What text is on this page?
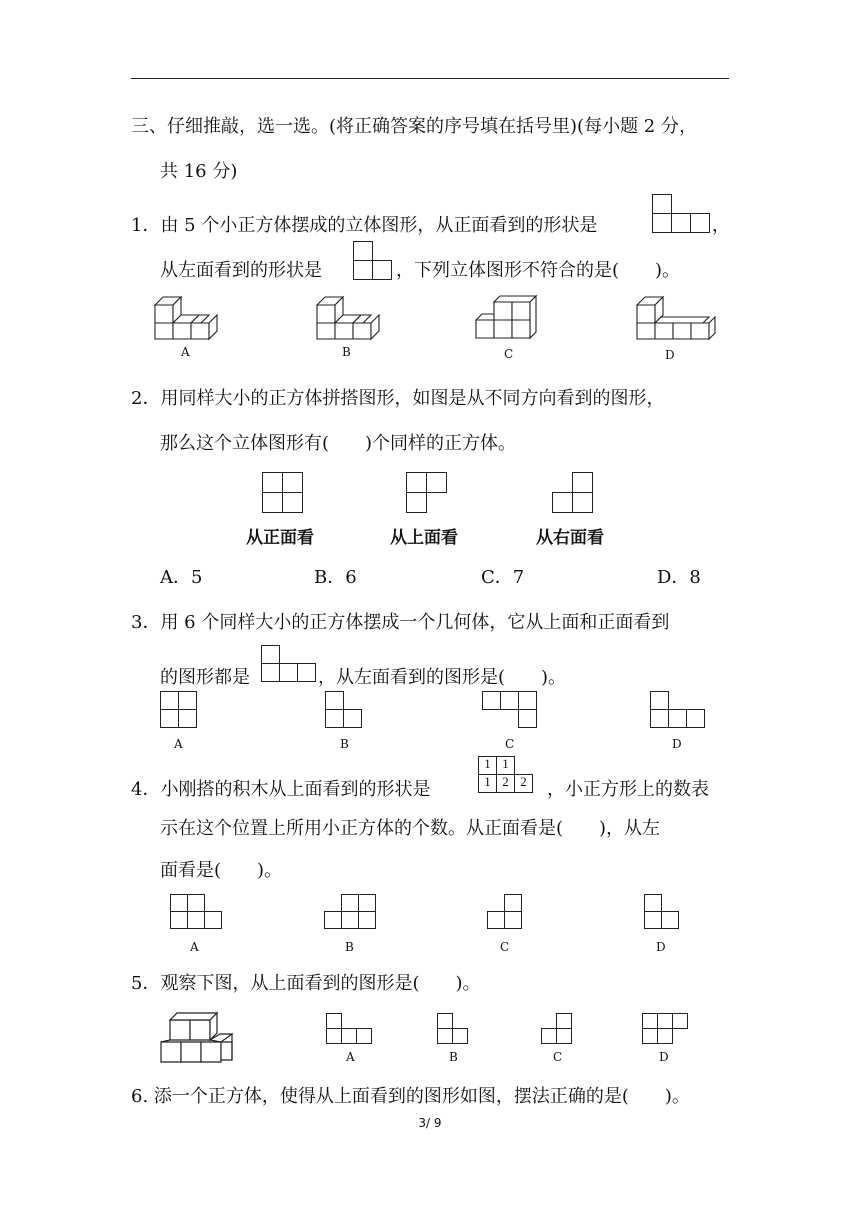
三、仔细推敲，选一选。(将正确答案的序号填在括号里)(每小题 2 分，
共 16 分)
1．由 5 个小正方体摆成的立体图形，从正面看到的形状是	，
从左面看到的形状是	，下列立体图形不符合的是(　　)。
A	B	C	D
2．用同样大小的正方体拼搭图形，如图是从不同方向看到的图形，
那么这个立体图形有(　　)个同样的正方体。
从正面看	从上面看	从右面看
A．5	B．6	C．7	D．8
3．用 6 个同样大小的正方体摆成一个几何体，它从上面和正面看到
的图形都是	，从左面看到的图形是(　　)。
A	B	C	D
4．小刚搭的积木从上面看到的形状是
1 1
1 2 2	，小正方形上的数表
示在这个位置上所用小正方体的个数。从正面看是(　　)，从左
面看是(　　)。
A	B	C	D
5．观察下图，从上面看到的图形是(　　)。
A	B	C	D
6. 添一个正方体，使得从上面看到的图形如图，摆法正确的是(　　)。
3/ 9
